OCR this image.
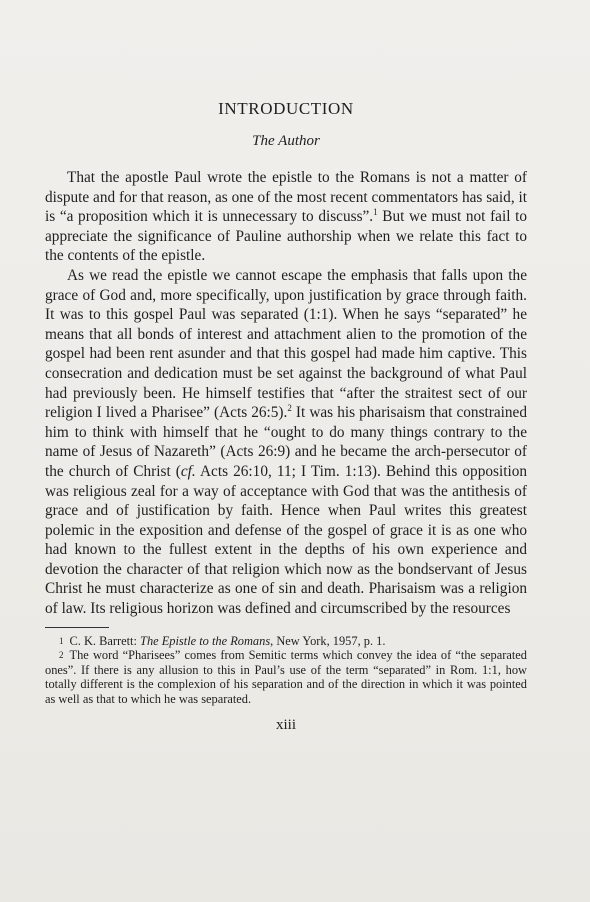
INTRODUCTION
The Author

That the apostle Paul wrote the epistle to the Romans is not a matter of dispute and for that reason, as one of the most recent commentators has said, it is “a proposition which it is unnecessary to discuss”.$^1$ But we must not fail to appreciate the significance of Pauline authorship when we relate this fact to the contents of the epistle.

As we read the epistle we cannot escape the emphasis that falls upon the grace of God and, more specifically, upon justification by grace through faith. It was to this gospel Paul was separated (1:1). When he says “separated” he means that all bonds of interest and attachment alien to the promotion of the gospel had been rent asunder and that this gospel had made him captive. This consecration and dedication must be set against the background of what Paul had previously been. He himself testifies that “after the straitest sect of our religion I lived a Pharisee” (Acts 26:5).$^2$ It was his pharisaism that constrained him to think with himself that he “ought to do many things contrary to the name of Jesus of Nazareth” (Acts 26:9) and he became the arch-persecutor of the church of Christ (cf. Acts 26:10, 11; I Tim. 1:13). Behind this opposition was religious zeal for a way of acceptance with God that was the antithesis of grace and of justification by faith. Hence when Paul writes this greatest polemic in the exposition and defense of the gospel of grace it is as one who had known to the fullest extent in the depths of his own experience and devotion the character of that religion which now as the bondservant of Jesus Christ he must characterize as one of sin and death. Pharisaism was a religion of law. Its religious horizon was defined and circumscribed by the resources

$^1$ C. K. Barrett: The Epistle to the Romans, New York, 1957, p. 1.

$^2$ The word “Pharisees” comes from Semitic terms which convey the idea of “the separated ones”. If there is any allusion to this in Paul’s use of the term “separated” in Rom. 1:1, how totally different is the complexion of his separation and of the direction in which it was pointed as well as that to which he was separated.

xiii
